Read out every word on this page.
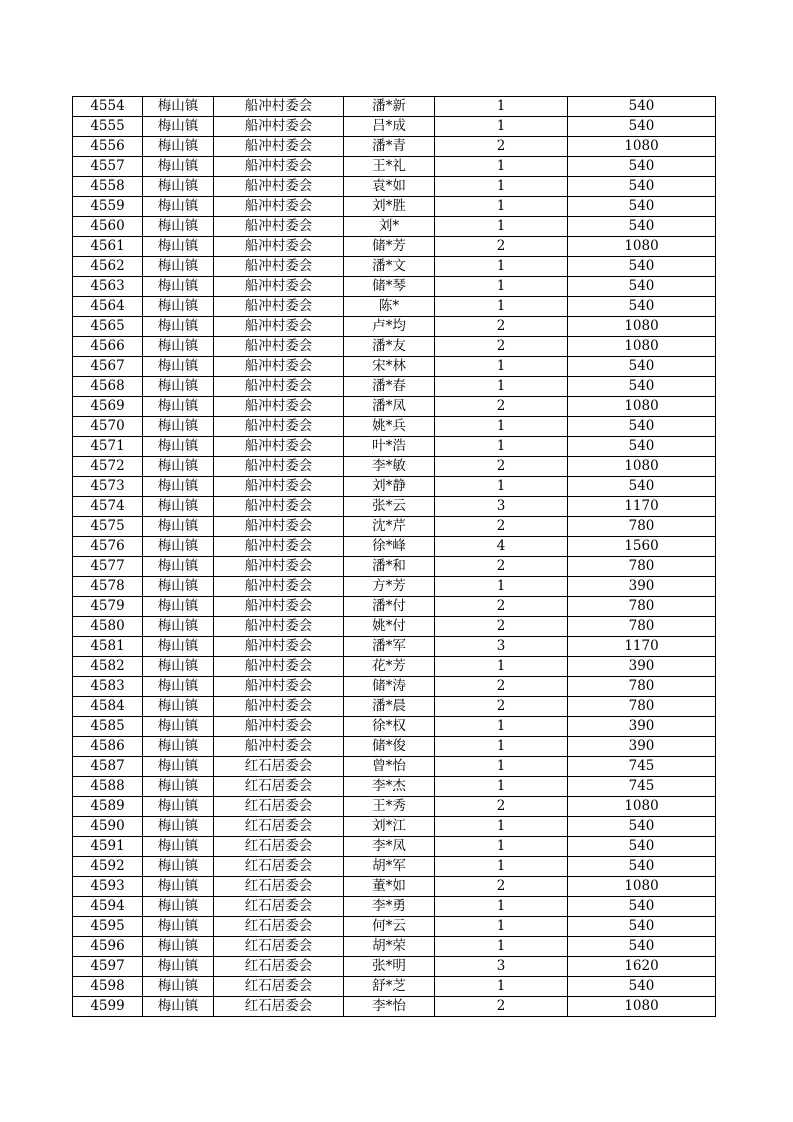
4554	梅山镇	船冲村委会	潘*新	1	540
4555	梅山镇	船冲村委会	吕*成	1	540
4556	梅山镇	船冲村委会	潘*青	2	1080
4557	梅山镇	船冲村委会	王*礼	1	540
4558	梅山镇	船冲村委会	袁*如	1	540
4559	梅山镇	船冲村委会	刘*胜	1	540
4560	梅山镇	船冲村委会	刘*	1	540
4561	梅山镇	船冲村委会	储*芳	2	1080
4562	梅山镇	船冲村委会	潘*文	1	540
4563	梅山镇	船冲村委会	储*琴	1	540
4564	梅山镇	船冲村委会	陈*	1	540
4565	梅山镇	船冲村委会	卢*均	2	1080
4566	梅山镇	船冲村委会	潘*友	2	1080
4567	梅山镇	船冲村委会	宋*林	1	540
4568	梅山镇	船冲村委会	潘*春	1	540
4569	梅山镇	船冲村委会	潘*凤	2	1080
4570	梅山镇	船冲村委会	姚*兵	1	540
4571	梅山镇	船冲村委会	叶*浩	1	540
4572	梅山镇	船冲村委会	李*敏	2	1080
4573	梅山镇	船冲村委会	刘*静	1	540
4574	梅山镇	船冲村委会	张*云	3	1170
4575	梅山镇	船冲村委会	沈*芹	2	780
4576	梅山镇	船冲村委会	徐*峰	4	1560
4577	梅山镇	船冲村委会	潘*和	2	780
4578	梅山镇	船冲村委会	方*芳	1	390
4579	梅山镇	船冲村委会	潘*付	2	780
4580	梅山镇	船冲村委会	姚*付	2	780
4581	梅山镇	船冲村委会	潘*军	3	1170
4582	梅山镇	船冲村委会	花*芳	1	390
4583	梅山镇	船冲村委会	储*涛	2	780
4584	梅山镇	船冲村委会	潘*晨	2	780
4585	梅山镇	船冲村委会	徐*权	1	390
4586	梅山镇	船冲村委会	储*俊	1	390
4587	梅山镇	红石居委会	曾*怡	1	745
4588	梅山镇	红石居委会	李*杰	1	745
4589	梅山镇	红石居委会	王*秀	2	1080
4590	梅山镇	红石居委会	刘*江	1	540
4591	梅山镇	红石居委会	李*凤	1	540
4592	梅山镇	红石居委会	胡*军	1	540
4593	梅山镇	红石居委会	董*如	2	1080
4594	梅山镇	红石居委会	李*勇	1	540
4595	梅山镇	红石居委会	何*云	1	540
4596	梅山镇	红石居委会	胡*荣	1	540
4597	梅山镇	红石居委会	张*明	3	1620
4598	梅山镇	红石居委会	舒*芝	1	540
4599	梅山镇	红石居委会	李*怡	2	1080
